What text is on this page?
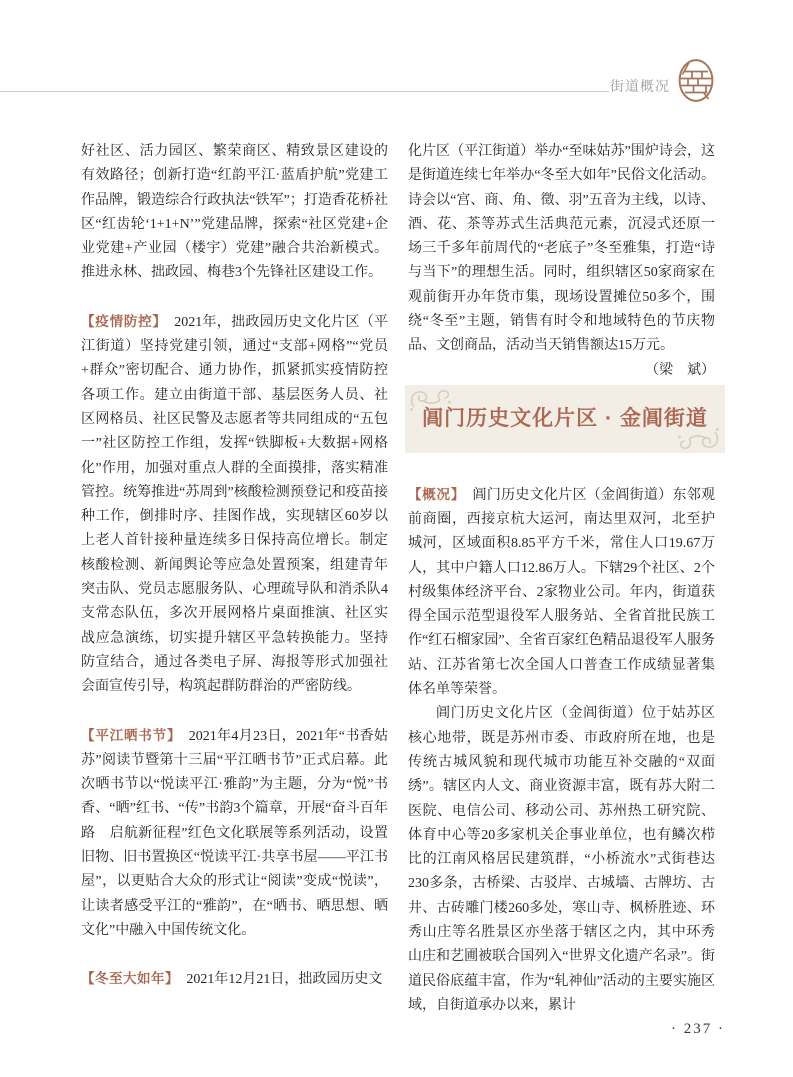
街道概况

好社区、活力园区、繁荣商区、精致景区建设的有效路径；创新打造“红韵平江·蓝盾护航”党建工作品牌，锻造综合行政执法“铁军”；打造香花桥社区“红齿轮‘1+1+N’”党建品牌，探索“社区党建+企业党建+产业园（楼宇）党建”融合共治新模式。推进永林、拙政园、梅巷3个先锋社区建设工作。

【疫情防控】 2021年，拙政园历史文化片区（平江街道）坚持党建引领，通过“支部+网格”“党员+群众”密切配合、通力协作，抓紧抓实疫情防控各项工作。建立由街道干部、基层医务人员、社区网格员、社区民警及志愿者等共同组成的“五包一”社区防控工作组，发挥“铁脚板+大数据+网格化”作用，加强对重点人群的全面摸排，落实精准管控。统筹推进“苏周到”核酸检测预登记和疫苗接种工作，倒排时序、挂图作战，实现辖区60岁以上老人首针接种量连续多日保持高位增长。制定核酸检测、新闻舆论等应急处置预案，组建青年突击队、党员志愿服务队、心理疏导队和消杀队4支常态队伍，多次开展网格片桌面推演、社区实战应急演练，切实提升辖区平急转换能力。坚持防宣结合，通过各类电子屏、海报等形式加强社会面宣传引导，构筑起群防群治的严密防线。

【平江晒书节】 2021年4月23日，2021年“书香姑苏”阅读节暨第十三届“平江晒书节”正式启幕。此次晒书节以“悦读平江·雅韵”为主题，分为“悦”书香、“晒”红书、“传”书韵3个篇章，开展“奋斗百年路　启航新征程”红色文化联展等系列活动，设置旧物、旧书置换区“悦读平江·共享书屋——平江书屋”，以更贴合大众的形式让“阅读”变成“悦读”，让读者感受平江的“雅韵”，在“晒书、晒思想、晒文化”中融入中国传统文化。

【冬至大如年】 2021年12月21日，拙政园历史文

化片区（平江街道）举办“至味姑苏”围炉诗会，这是街道连续七年举办“冬至大如年”民俗文化活动。诗会以“宫、商、角、徵、羽”五音为主线，以诗、酒、花、茶等苏式生活典范元素，沉浸式还原一场三千多年前周代的“老底子”冬至雅集，打造“诗与当下”的理想生活。同时，组织辖区50家商家在观前街开办年货市集，现场设置摊位50多个，围绕“冬至”主题，销售有时令和地域特色的节庆物品、文创商品，活动当天销售额达15万元。
（梁　斌）

阊门历史文化片区 · 金阊街道

【概况】 阊门历史文化片区（金阊街道）东邻观前商圈，西接京杭大运河，南达里双河，北至护城河，区域面积8.85平方千米，常住人口19.67万人，其中户籍人口12.86万人。下辖29个社区、2个村级集体经济平台、2家物业公司。年内，街道获得全国示范型退役军人服务站、全省首批民族工作“红石榴家园”、全省百家红色精品退役军人服务站、江苏省第七次全国人口普查工作成绩显著集体名单等荣誉。

阊门历史文化片区（金阊街道）位于姑苏区核心地带，既是苏州市委、市政府所在地，也是传统古城风貌和现代城市功能互补交融的“双面绣”。辖区内人文、商业资源丰富，既有苏大附二医院、电信公司、移动公司、苏州热工研究院、体育中心等20多家机关企事业单位，也有鳞次栉比的江南风格居民建筑群，“小桥流水”式街巷达230多条，古桥梁、古驳岸、古城墙、古牌坊、古井、古砖雕门楼260多处，寒山寺、枫桥胜迹、环秀山庄等名胜景区亦坐落于辖区之内，其中环秀山庄和艺圃被联合国列入“世界文化遗产名录”。街道民俗底蕴丰富，作为“轧神仙”活动的主要实施区域，自街道承办以来，累计

· 237 ·
